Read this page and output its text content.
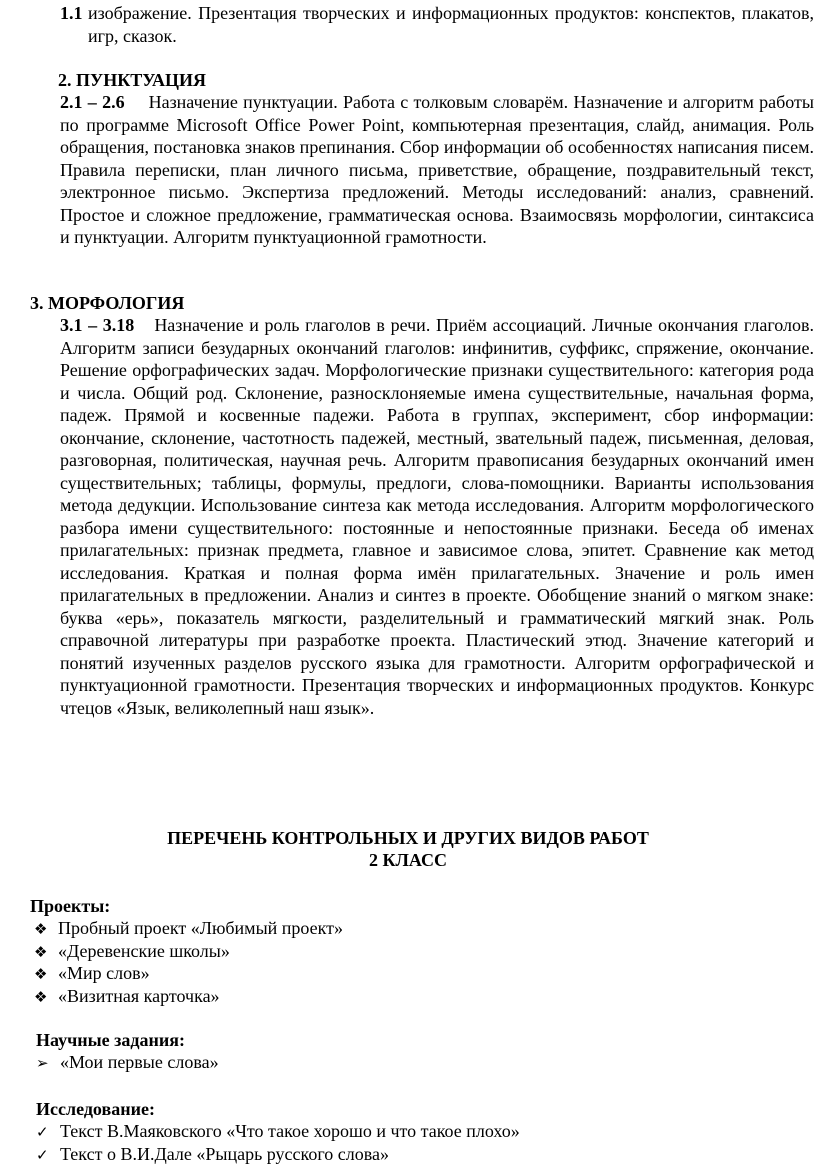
1.1 изображение. Презентация творческих и информационных продуктов: конспектов, плакатов, игр, сказок.
2. ПУНКТУАЦИЯ
2.1 – 2.6 Назначение пунктуации. Работа с толковым словарём. Назначение и алгоритм работы по программе Microsoft Office Power Point, компьютерная презентация, слайд, анимация. Роль обращения, постановка знаков препинания. Сбор информации об особенностях написания писем. Правила переписки, план личного письма, приветствие, обращение, поздравительный текст, электронное письмо. Экспертиза предложений. Методы исследований: анализ, сравнений. Простое и сложное предложение, грамматическая основа. Взаимосвязь морфологии, синтаксиса и пунктуации. Алгоритм пунктуационной грамотности.
3. МОРФОЛОГИЯ
3.1 – 3.18 Назначение и роль глаголов в речи. Приём ассоциаций. Личные окончания глаголов. Алгоритм записи безударных окончаний глаголов: инфинитив, суффикс, спряжение, окончание. Решение орфографических задач. Морфологические признаки существительного: категория рода и числа. Общий род. Склонение, разносклоняемые имена существительные, начальная форма, падеж. Прямой и косвенные падежи. Работа в группах, эксперимент, сбор информации: окончание, склонение, частотность падежей, местный, звательный падеж, письменная, деловая, разговорная, политическая, научная речь. Алгоритм правописания безударных окончаний имен существительных; таблицы, формулы, предлоги, слова-помощники. Варианты использования метода дедукции. Использование синтеза как метода исследования. Алгоритм морфологического разбора имени существительного: постоянные и непостоянные признаки. Беседа об именах прилагательных: признак предмета, главное и зависимое слова, эпитет. Сравнение как метод исследования. Краткая и полная форма имён прилагательных. Значение и роль имен прилагательных в предложении. Анализ и синтез в проекте. Обобщение знаний о мягком знаке: буква «ерь», показатель мягкости, разделительный и грамматический мягкий знак. Роль справочной литературы при разработке проекта. Пластический этюд. Значение категорий и понятий изученных разделов русского языка для грамотности. Алгоритм орфографической и пунктуационной грамотности. Презентация творческих и информационных продуктов. Конкурс чтецов «Язык, великолепный наш язык».
ПЕРЕЧЕНЬ КОНТРОЛЬНЫХ И ДРУГИХ ВИДОВ РАБОТ
2 КЛАСС
Проекты:
❖ Пробный проект «Любимый проект»
❖ «Деревенские школы»
❖ «Мир слов»
❖ «Визитная карточка»
Научные задания:
➢ «Мои первые слова»
Исследование:
✓ Текст В.Маяковского «Что такое хорошо и что такое плохо»
✓ Текст о В.И.Дале «Рыцарь русского слова»
